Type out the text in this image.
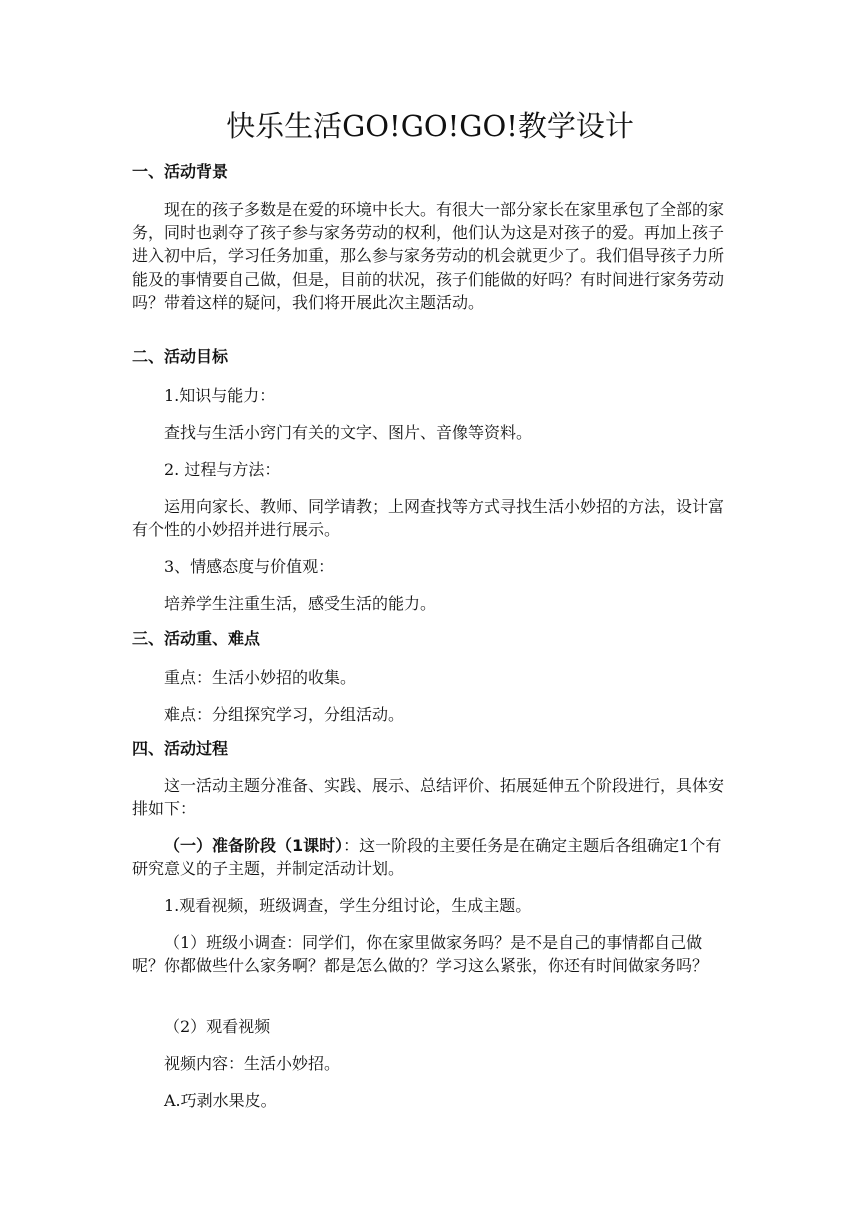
快乐生活GO!GO!GO!教学设计
一、活动背景
现在的孩子多数是在爱的环境中长大。有很大一部分家长在家里承包了全部的家务，同时也剥夺了孩子参与家务劳动的权利，他们认为这是对孩子的爱。再加上孩子进入初中后，学习任务加重，那么参与家务劳动的机会就更少了。我们倡导孩子力所能及的事情要自己做，但是，目前的状况，孩子们能做的好吗？有时间进行家务劳动吗？带着这样的疑问，我们将开展此次主题活动。
二、活动目标
1.知识与能力：
查找与生活小窍门有关的文字、图片、音像等资料。
2. 过程与方法：
运用向家长、教师、同学请教；上网查找等方式寻找生活小妙招的方法，设计富有个性的小妙招并进行展示。
3、情感态度与价值观：
培养学生注重生活，感受生活的能力。
三、活动重、难点
重点：生活小妙招的收集。
难点：分组探究学习，分组活动。
四、活动过程
这一活动主题分准备、实践、展示、总结评价、拓展延伸五个阶段进行，具体安排如下：
（一）准备阶段（1课时）：这一阶段的主要任务是在确定主题后各组确定1个有研究意义的子主题，并制定活动计划。
1.观看视频，班级调查，学生分组讨论，生成主题。
（1）班级小调查：同学们，你在家里做家务吗？是不是自己的事情都自己做呢？你都做些什么家务啊？都是怎么做的？学习这么紧张，你还有时间做家务吗？
（2）观看视频
视频内容：生活小妙招。
A.巧剥水果皮。
